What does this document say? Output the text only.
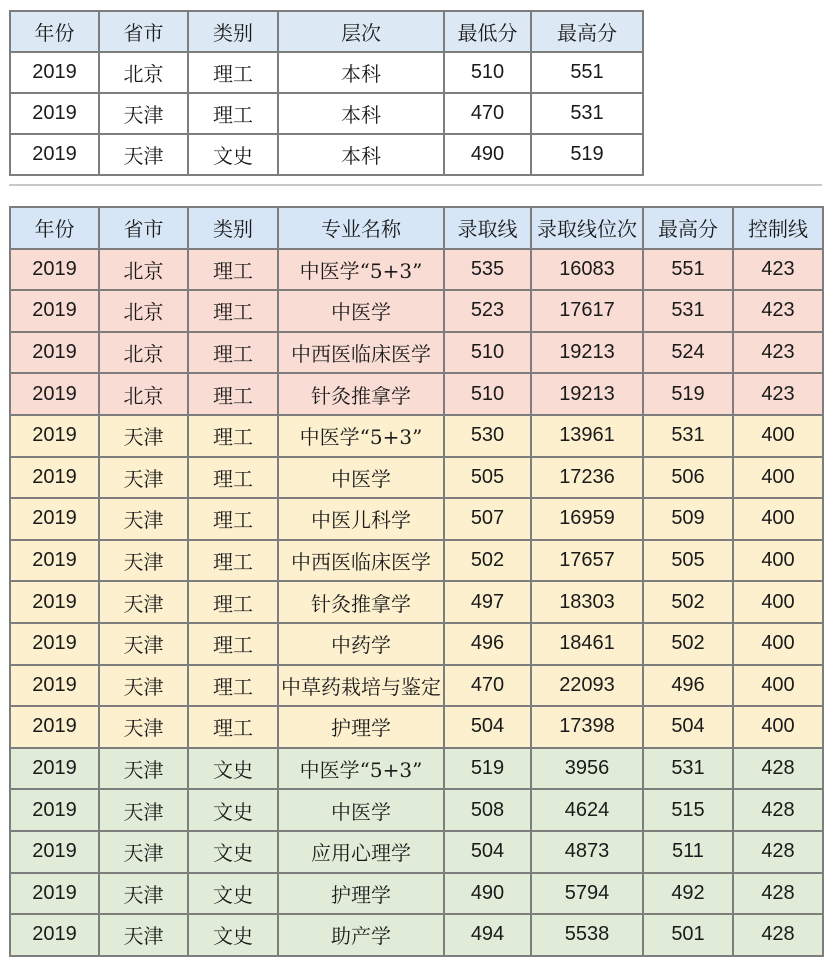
年份	省市	类别	层次	最低分	最高分
2019	北京	理工	本科	510	551
2019	天津	理工	本科	470	531
2019	天津	文史	本科	490	519
年份	省市	类别	专业名称	录取线	录取线位次	最高分	控制线
2019	北京	理工	中医学“5+3”	535	16083	551	423
2019	北京	理工	中医学	523	17617	531	423
2019	北京	理工	中西医临床医学	510	19213	524	423
2019	北京	理工	针灸推拿学	510	19213	519	423
2019	天津	理工	中医学“5+3”	530	13961	531	400
2019	天津	理工	中医学	505	17236	506	400
2019	天津	理工	中医儿科学	507	16959	509	400
2019	天津	理工	中西医临床医学	502	17657	505	400
2019	天津	理工	针灸推拿学	497	18303	502	400
2019	天津	理工	中药学	496	18461	502	400
2019	天津	理工	中草药栽培与鉴定	470	22093	496	400
2019	天津	理工	护理学	504	17398	504	400
2019	天津	文史	中医学“5+3”	519	3956	531	428
2019	天津	文史	中医学	508	4624	515	428
2019	天津	文史	应用心理学	504	4873	511	428
2019	天津	文史	护理学	490	5794	492	428
2019	天津	文史	助产学	494	5538	501	428
